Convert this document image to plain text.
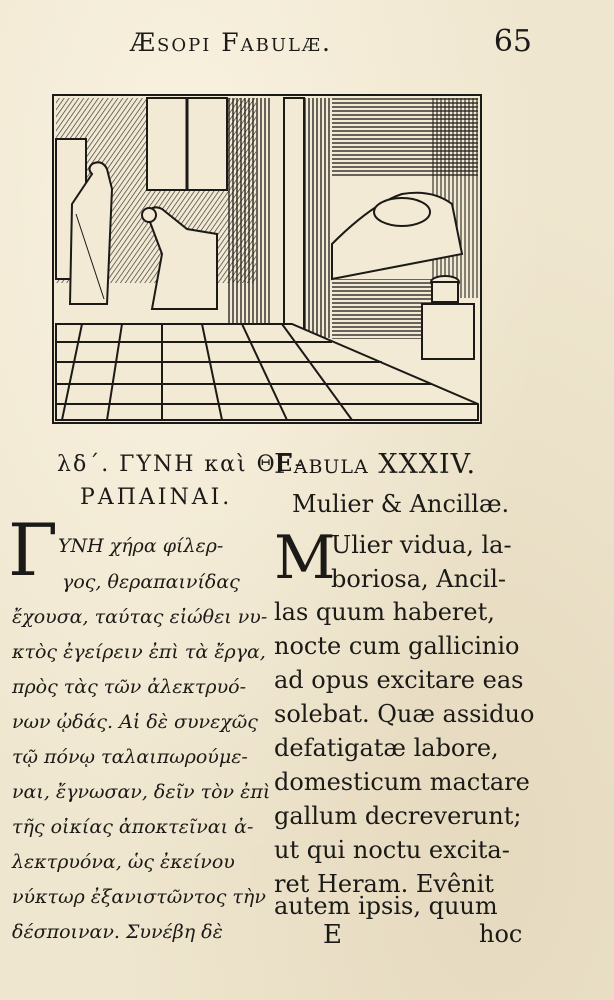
Æsopi Fabulæ.	65
λδ΄. ΓΥΝΗ καὶ ΘΕ-
ΡΑΠΑΙΝΑΙ.
Γ ΥΝΗ χήρα φίλερ-
γος, θεραπαινίδας
ἔχουσα, ταύτας εἰώθει νυ-
κτὸς ἐγείρειν ἐπὶ τὰ ἔργα,
πρὸς τὰς τῶν ἀλεκτρυό-
νων ᾠδάς. Αἱ δὲ συνεχῶς
τῷ πόνῳ ταλαιπωρούμε-
ναι, ἔγνωσαν, δεῖν τὸν ἐπὶ
τῆς οἰκίας ἀποκτεῖναι ἀ-
λεκτρυόνα, ὡς ἐκείνου
νύκτωρ ἐξανιστῶντος τὴν
δέσποιναν. Συνέβη δὲ
Fabula XXXIV.
Mulier & Ancillæ.
M
Ulier vidua, la-
boriosa, Ancil-
las quum haberet,
nocte cum gallicinio
ad opus excitare eas
solebat. Quæ assiduo
defatigatæ labore,
domesticum mactare
gallum decreverunt;
ut qui noctu excita-
ret Heram. Evênit
autem ipsis, quum
E	hoc
